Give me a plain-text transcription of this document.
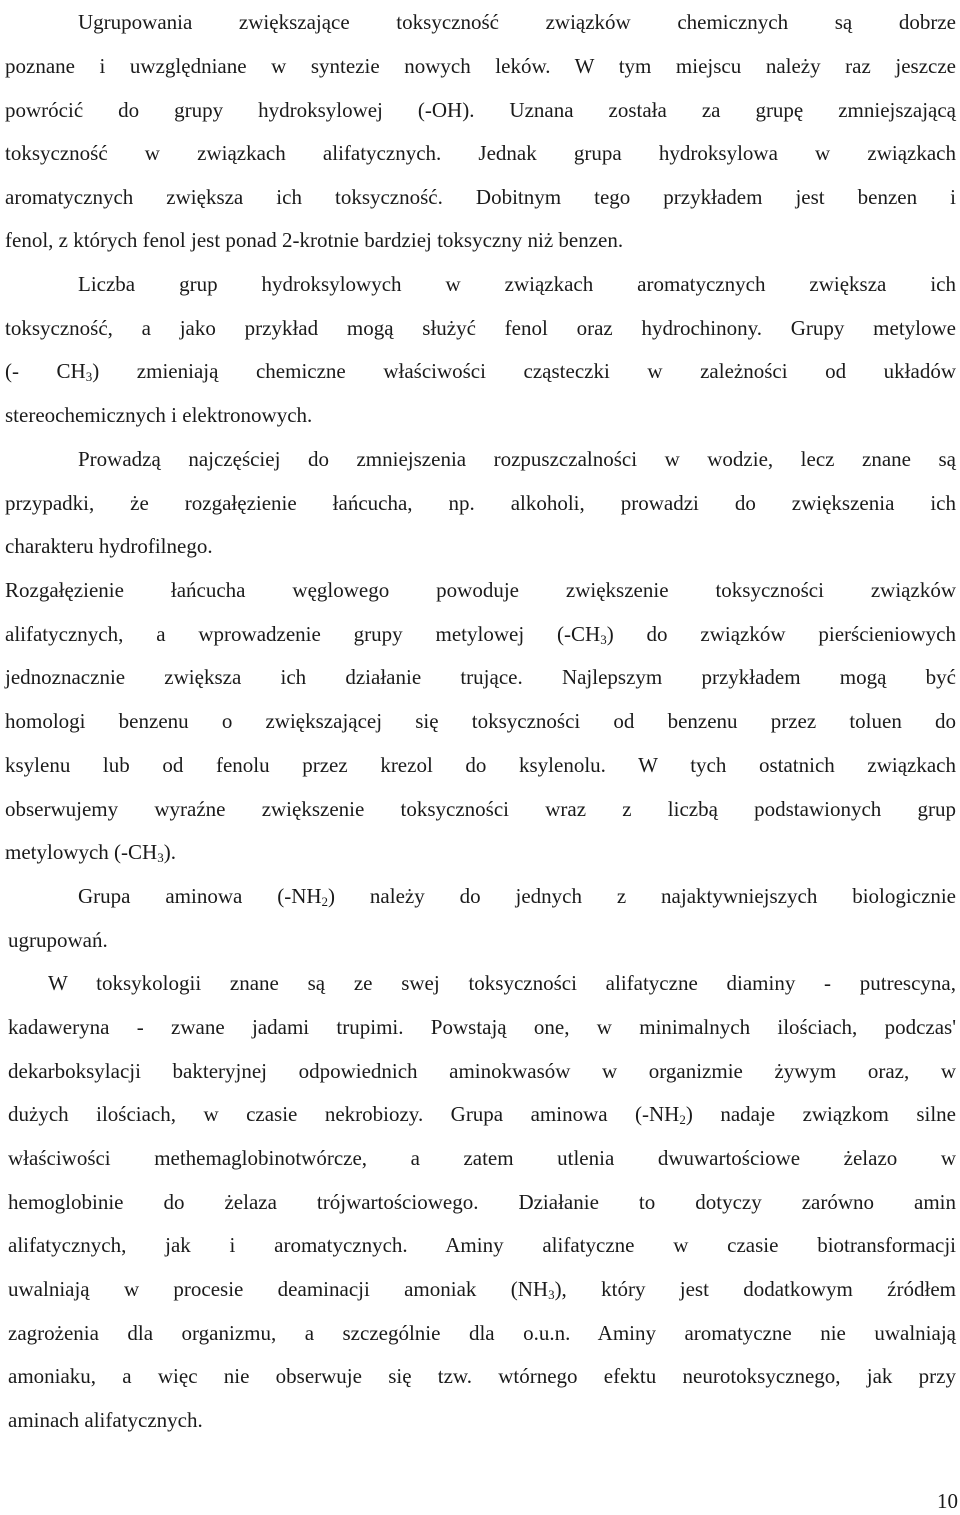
Ugrupowania zwiększające toksyczność związków chemicznych są dobrze

poznane i uwzględniane w syntezie nowych leków. W tym miejscu należy raz jeszcze

powrócić do grupy hydroksylowej (-OH). Uznana została za grupę zmniejszającą

toksyczność w związkach alifatycznych. Jednak grupa hydroksylowa w związkach

aromatycznych zwiększa ich toksyczność. Dobitnym tego przykładem jest benzen i

fenol, z których fenol jest ponad 2-krotnie bardziej toksyczny niż benzen.

Liczba grup hydroksylowych w związkach aromatycznych zwiększa ich

toksyczność, a jako przykład mogą służyć fenol oraz hydrochinony. Grupy metylowe

(- $CH_3$) zmieniają chemiczne właściwości cząsteczki w zależności od układów

stereochemicznych i elektronowych.

Prowadzą najczęściej do zmniejszenia rozpuszczalności w wodzie, lecz znane są

przypadki, że rozgałęzienie łańcucha, np. alkoholi, prowadzi do zwiększenia ich

charakteru hydrofilnego.

Rozgałęzienie łańcucha węglowego powoduje zwiększenie toksyczności związków

alifatycznych, a wprowadzenie grupy metylowej $(-CH_3)$ do związków pierścieniowych

jednoznacznie zwiększa ich działanie trujące. Najlepszym przykładem mogą być

homologi benzenu o zwiększającej się toksyczności od benzenu przez toluen do

ksylenu lub od fenolu przez krezol do ksylenolu. W tych ostatnich związkach

obserwujemy wyraźne zwiększenie toksyczności wraz z liczbą podstawionych grup

metylowych $(-CH_3)$.

Grupa aminowa $(-NH_2)$ należy do jednych z najaktywniejszych biologicznie

ugrupowań.

W toksykologii znane są ze swej toksyczności alifatyczne diaminy - putrescyna,

kadaweryna - zwane jadami trupimi. Powstają one, w minimalnych ilościach, podczas'

dekarboksylacji bakteryjnej odpowiednich aminokwasów w organizmie żywym oraz, w

dużych ilościach, w czasie nekrobiozy. Grupa aminowa $(-NH_2)$ nadaje związkom silne

właściwości methemaglobinotwórcze, a zatem utlenia dwuwartościowe żelazo w

hemoglobinie do żelaza trójwartościowego. Działanie to dotyczy zarówno amin

alifatycznych, jak i aromatycznych. Aminy alifatyczne w czasie biotransformacji

uwalniają w procesie deaminacji amoniak $(NH_3)$, który jest dodatkowym źródłem

zagrożenia dla organizmu, a szczególnie dla o.u.n. Aminy aromatyczne nie uwalniają

amoniaku, a więc nie obserwuje się tzw. wtórnego efektu neurotoksycznego, jak przy

aminach alifatycznych.

10
